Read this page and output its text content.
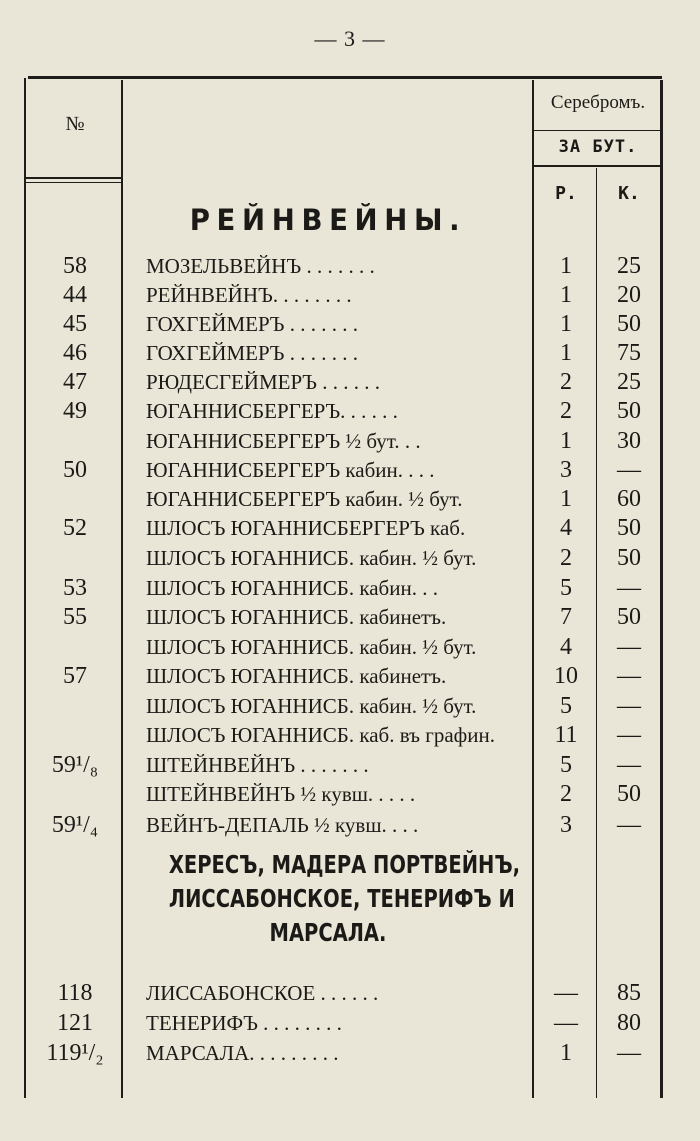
— 3 —
№
Серебромъ.
ЗА БУТ.
Р.	К.
РЕЙНВЕЙНЫ.
58	МОЗЕЛЬВЕЙНЪ . . . . . . .	1	25
44	РЕЙНВЕЙНЪ. . . . . . . .	1	20
45	ГОХГЕЙМЕРЪ . . . . . . .	1	50
46	ГОХГЕЙМЕРЪ . . . . . . .	1	75
47	РЮДЕСГЕЙМЕРЪ . . . . . .	2	25
49	ЮГАННИСБЕРГЕРЪ. . . . . .	2	50
ЮГАННИСБЕРГЕРЪ ½ бут. . .	1	30
50	ЮГАННИСБЕРГЕРЪ кабин. . . .	3	—
ЮГАННИСБЕРГЕРЪ кабин. ½ бут.	1	60
52	ШЛОСЪ ЮГАННИСБЕРГЕРЪ каб.	4	50
ШЛОСЪ ЮГАННИСБ. кабин. ½ бут.	2	50
53	ШЛОСЪ ЮГАННИСБ. кабин. . .	5	—
55	ШЛОСЪ ЮГАННИСБ. кабинетъ.	7	50
ШЛОСЪ ЮГАННИСБ. кабин. ½ бут.	4	—
57	ШЛОСЪ ЮГАННИСБ. кабинетъ.	10	—
ШЛОСЪ ЮГАННИСБ. кабин. ½ бут.	5	—
ШЛОСЪ ЮГАННИСБ. каб. въ графин.	11	—
59¹/₈	ШТЕЙНВЕЙНЪ . . . . . . .	5	—
ШТЕЙНВЕЙНЪ ½ кувш. . . . .	2	50
59¹/₄	ВЕЙНЪ-ДЕПАЛЬ ½ кувш. . . .	3	—
ХЕРЕСЪ, МАДЕРА ПОРТВЕЙНЪ,
ЛИССАБОНСКОЕ, ТЕНЕРИФЪ И
МАРСАЛА.
118	ЛИССАБОНСКОЕ . . . . . .	—	85
121	ТЕНЕРИФЪ . . . . . . . .	—	80
119¹/₂	МАРСАЛА. . . . . . . . .	1	—
